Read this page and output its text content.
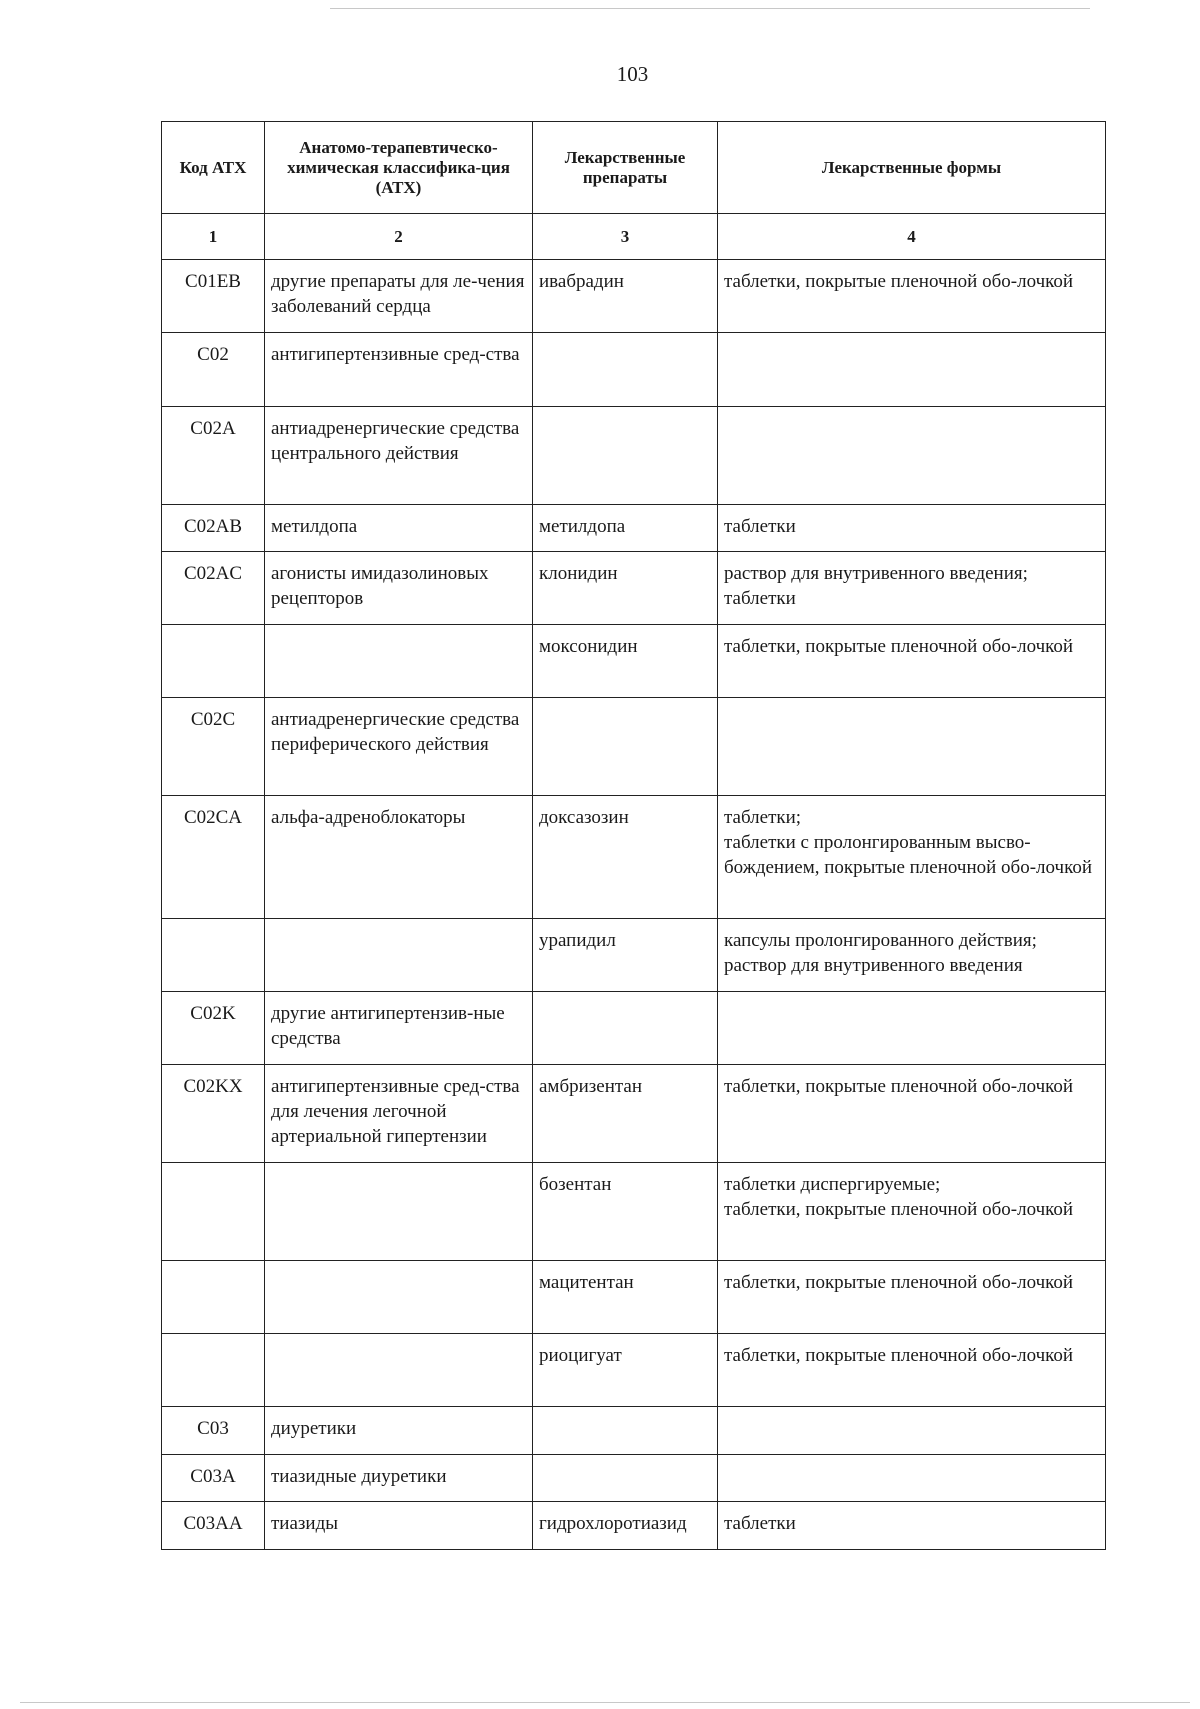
103
Код АТХ	Анатомо-терапевтическо-химическая классифика-ция (АТХ)	Лекарственные препараты	Лекарственные формы
1	2	3	4
C01EB	другие препараты для ле-чения заболеваний сердца	ивабрадин	таблетки, покрытые пленочной обо-лочкой

C02	антигипертензивные сред-ства		

C02A	антиадренергические средства центрального действия		

C02AB	метилдопа	метилдопа	таблетки

C02AC	агонисты имидазолиновых рецепторов	клонидин	раствор для внутривенного введения;
таблетки

		моксонидин	таблетки, покрытые пленочной обо-лочкой

C02C	антиадренергические средства периферического действия		

C02CA	альфа-адреноблокаторы	доксазозин	таблетки;
таблетки с пролонгированным высво-бождением, покрытые пленочной обо-лочкой

		урапидил	капсулы пролонгированного действия;
раствор для внутривенного введения

C02K	другие антигипертензив-ные средства		

C02KX	антигипертензивные сред-ства для лечения легочной артериальной гипертензии	амбризентан	таблетки, покрытые пленочной обо-лочкой

		бозентан	таблетки диспергируемые;
таблетки, покрытые пленочной обо-лочкой

		мацитентан	таблетки, покрытые пленочной обо-лочкой

		риоцигуат	таблетки, покрытые пленочной обо-лочкой

C03	диуретики		

C03A	тиазидные диуретики		

C03AA	тиазиды	гидрохлоротиазид	таблетки
